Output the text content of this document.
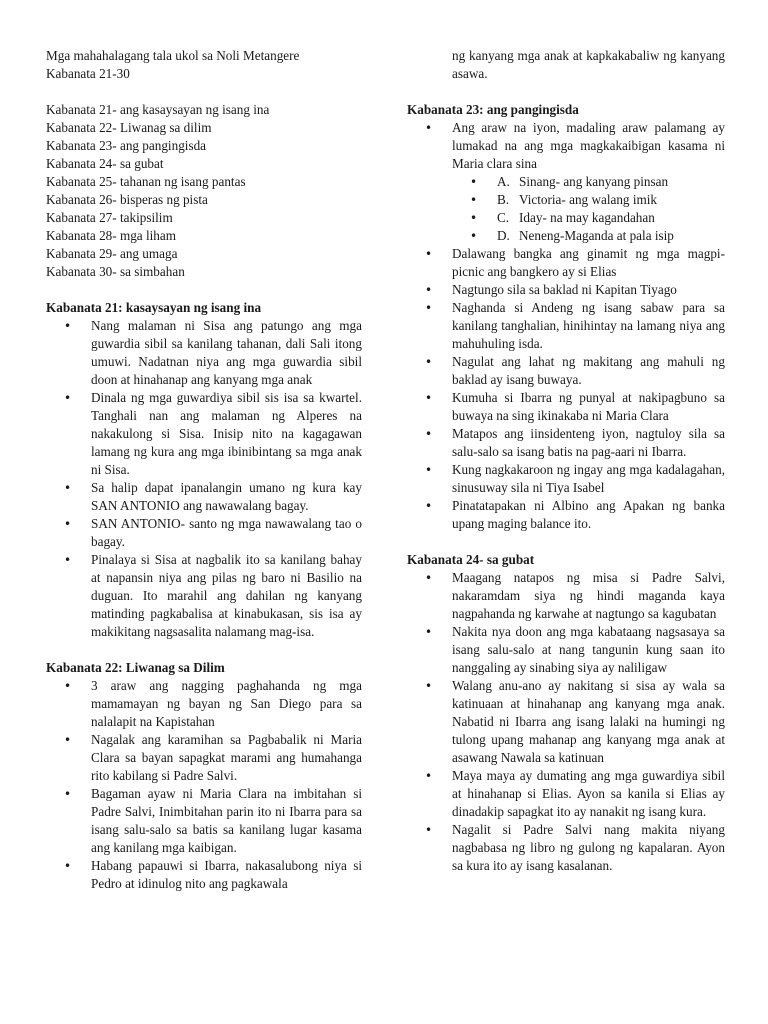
Mga mahahalagang tala ukol sa Noli Metangere

Kabanata 21-30

Kabanata 21- ang kasaysayan ng isang ina

Kabanata 22- Liwanag sa dilim

Kabanata 23- ang pangingisda

Kabanata 24- sa gubat

Kabanata 25- tahanan ng isang pantas

Kabanata 26- bisperas ng pista

Kabanata 27- takipsilim

Kabanata 28- mga liham

Kabanata 29- ang umaga

Kabanata 30- sa simbahan

Kabanata 21: kasaysayan ng isang ina

• Nang malaman ni Sisa ang patungo ang mga guwardia sibil sa kanilang tahanan, dali Sali itong umuwi. Nadatnan niya ang mga guwardia sibil doon at hinahanap ang kanyang mga anak
• Dinala ng mga guwardiya sibil sis isa sa kwartel. Tanghali nan ang malaman ng Alperes na nakakulong si Sisa. Inisip nito na kagagawan lamang ng kura ang mga ibinibintang sa mga anak ni Sisa.
• Sa halip dapat ipanalangin umano ng kura kay SAN ANTONIO ang nawawalang bagay.
• SAN ANTONIO- santo ng mga nawawalang tao o bagay.
• Pinalaya si Sisa at nagbalik ito sa kanilang bahay at napansin niya ang pilas ng baro ni Basilio na duguan. Ito marahil ang dahilan ng kanyang matinding pagkabalisa at kinabukasan, sis isa ay makikitang nagsasalita nalamang mag-isa.

Kabanata 22: Liwanag sa Dilim

• 3 araw ang nagging paghahanda ng mga mamamayan ng bayan ng San Diego para sa nalalapit na Kapistahan
• Nagalak ang karamihan sa Pagbabalik ni Maria Clara sa bayan sapagkat marami ang humahanga rito kabilang si Padre Salvi.
• Bagaman ayaw ni Maria Clara na imbitahan si Padre Salvi, Inimbitahan parin ito ni Ibarra para sa isang salu-salo sa batis sa kanilang lugar kasama ang kanilang mga kaibigan.
• Habang papauwi si Ibarra, nakasalubong niya si Pedro at idinulog nito ang pagkawala
ng kanyang mga anak at kapkakabaliw ng kanyang asawa.

Kabanata 23: ang pangingisda

• Ang araw na iyon, madaling araw palamang ay lumakad na ang mga magkakaibigan kasama ni Maria clara sina
• A. Sinang- ang kanyang pinsan
• B. Victoria- ang walang imik
• C. Iday- na may kagandahan
• D. Neneng-Maganda at pala isip
• Dalawang bangka ang ginamit ng mga magpi-picnic ang bangkero ay si Elias
• Nagtungo sila sa baklad ni Kapitan Tiyago
• Naghanda si Andeng ng isang sabaw para sa kanilang tanghalian, hinihintay na lamang niya ang mahuhuling isda.
• Nagulat ang lahat ng makitang ang mahuli ng baklad ay isang buwaya.
• Kumuha si Ibarra ng punyal at nakipagbuno sa buwaya na sing ikinakaba ni Maria Clara
• Matapos ang iinsidenteng iyon, nagtuloy sila sa salu-salo sa isang batis na pag-aari ni Ibarra.
• Kung nagkakaroon ng ingay ang mga kadalagahan, sinusuway sila ni Tiya Isabel
• Pinatatapakan ni Albino ang Apakan ng banka upang maging balance ito.

Kabanata 24- sa gubat

• Maagang natapos ng misa si Padre Salvi, nakaramdam siya ng hindi maganda kaya nagpahanda ng karwahe at nagtungo sa kagubatan
• Nakita nya doon ang mga kabataang nagsasaya sa isang salu-salo at nang tangunin kung saan ito nanggaling ay sinabing siya ay naliligaw
• Walang anu-ano ay nakitang si sisa ay wala sa katinuaan at hinahanap ang kanyang mga anak. Nabatid ni Ibarra ang isang lalaki na humingi ng tulong upang mahanap ang kanyang mga anak at asawang Nawala sa katinuan
• Maya maya ay dumating ang mga guwardiya sibil at hinahanap si Elias. Ayon sa kanila si Elias ay dinadakip sapagkat ito ay nanakit ng isang kura.
• Nagalit si Padre Salvi nang makita niyang nagbabasa ng libro ng gulong ng kapalaran. Ayon sa kura ito ay isang kasalanan.
